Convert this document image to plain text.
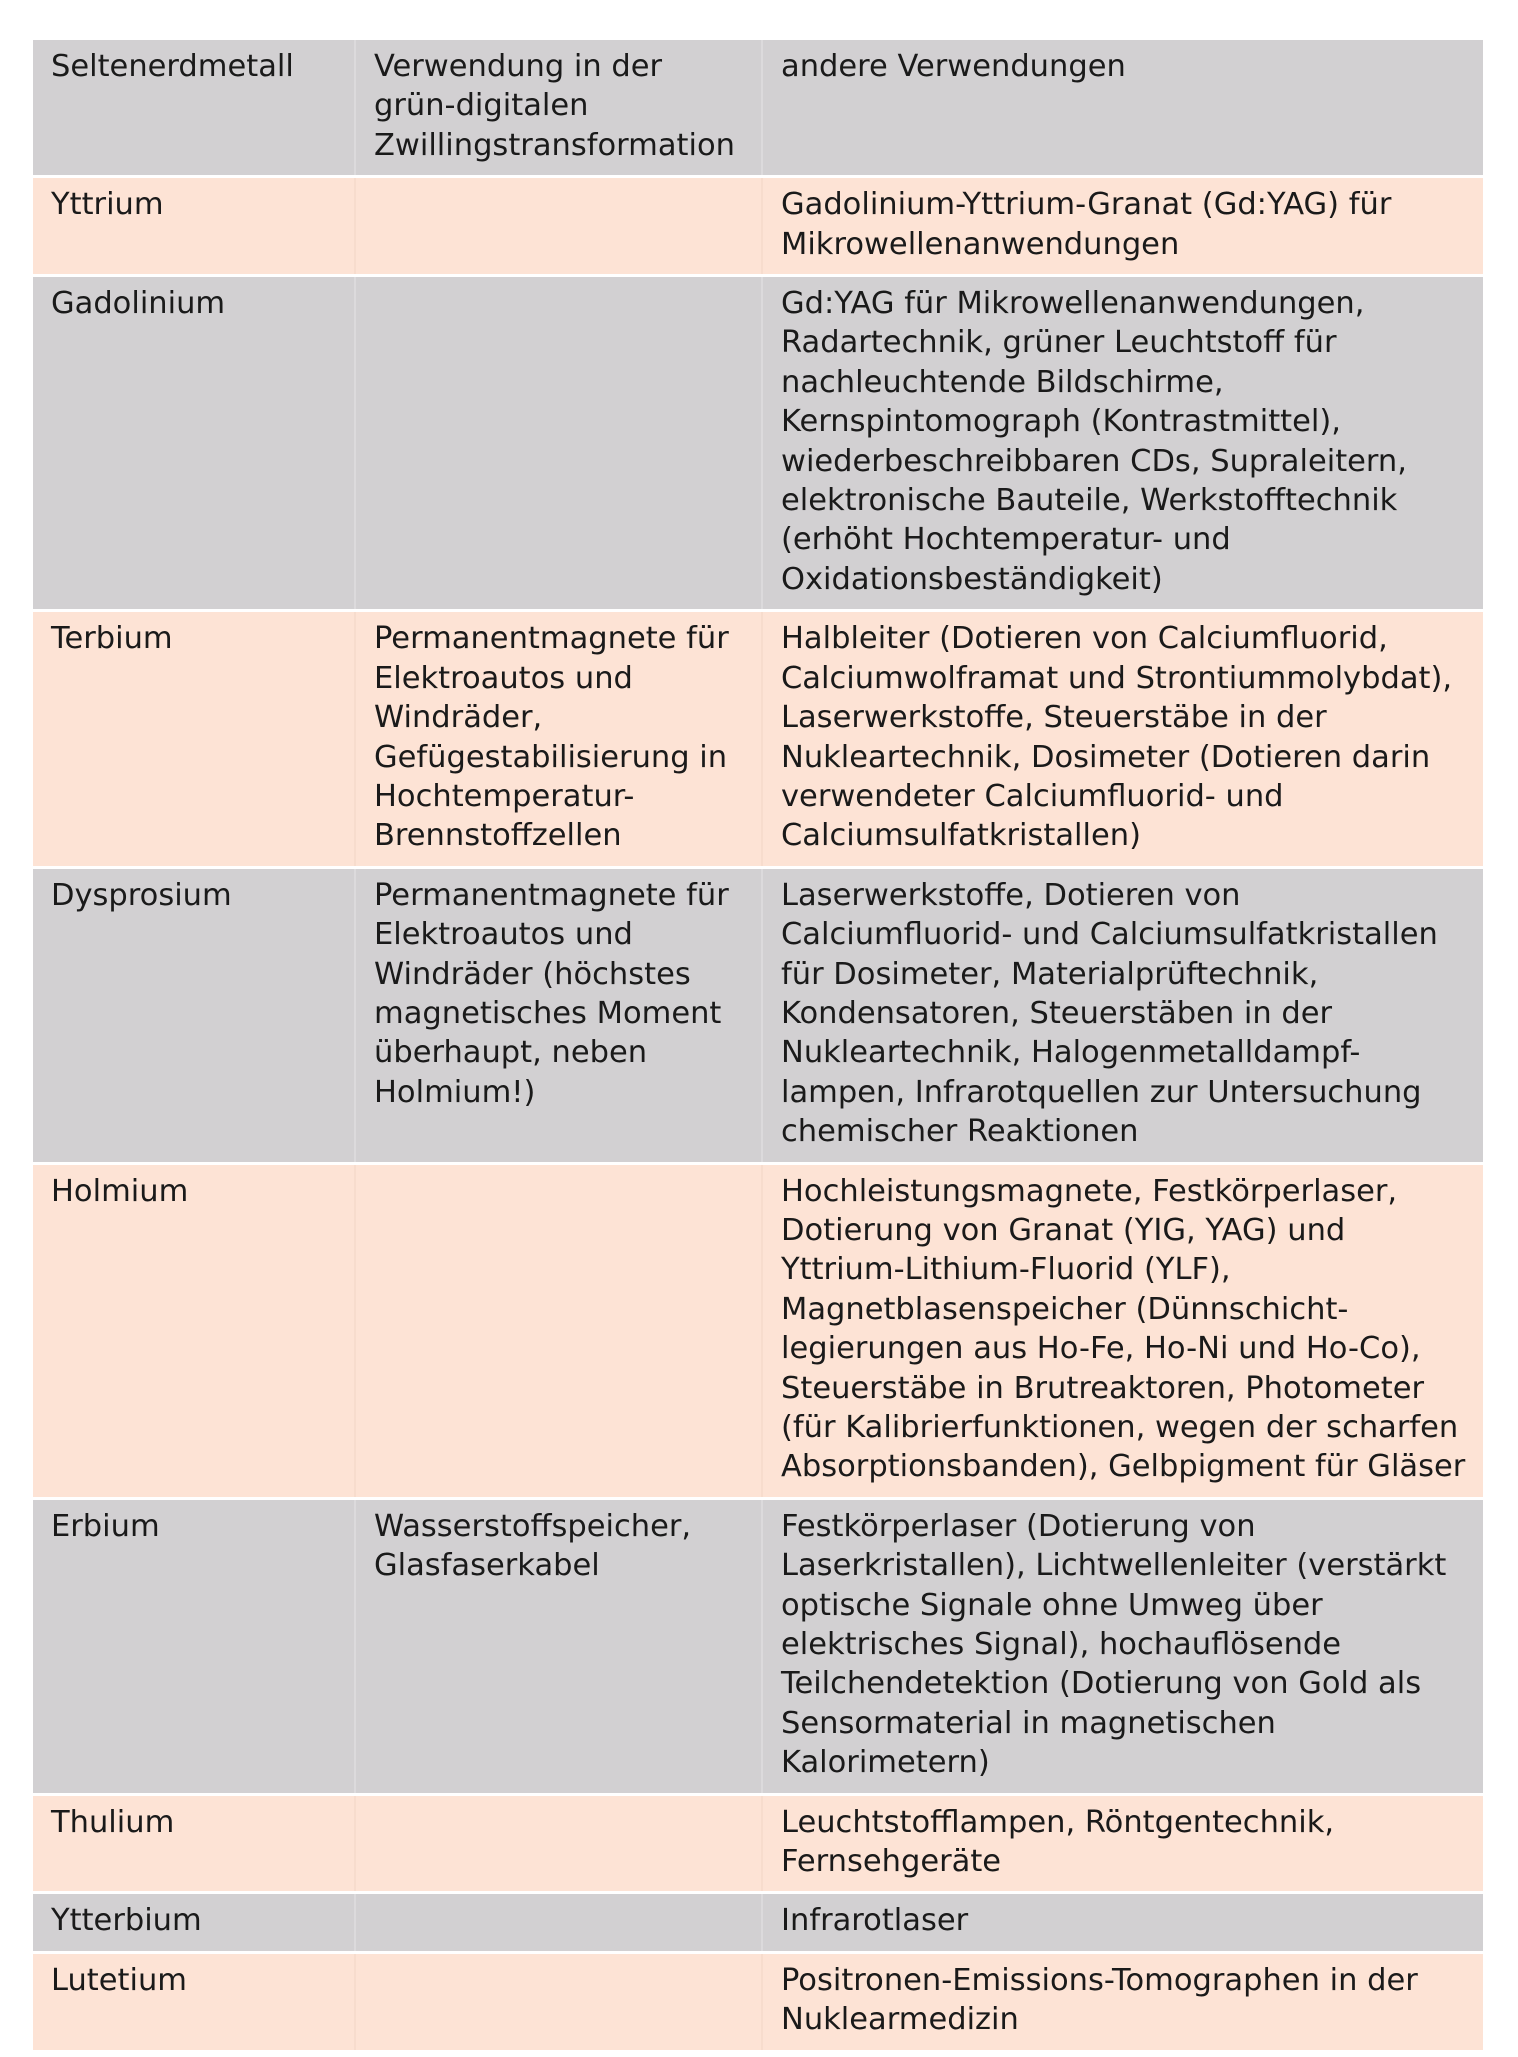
Seltenerdmetall	Verwendung in der grün-digitalen Zwillingstransformation	andere Verwendungen
Yttrium		Gadolinium-Yttrium-Granat (Gd:YAG) für Mikrowellenanwendungen
Gadolinium		Gd:YAG für Mikrowellenanwendungen, Radartechnik, grüner Leuchtstoff für nachleuchtende Bildschirme, Kernspintomograph (Kontrastmittel), wiederbeschreibbaren CDs, Supraleitern, elektronische Bauteile, Werkstofftechnik (erhöht Hochtemperatur- und Oxidationsbeständigkeit)
Terbium	Permanentmagnete für Elektroautos und Windräder, Gefügestabilisierung in Hochtemperatur-Brennstoffzellen	Halbleiter (Dotieren von Calciumfluorid, Calciumwolframat und Strontiummolybdat), Laserwerkstoffe, Steuerstäbe in der Nukleartechnik, Dosimeter (Dotieren darin verwendeter Calciumfluorid- und Calciumsulfatkristallen)
Dysprosium	Permanentmagnete für Elektroautos und Windräder (höchstes magnetisches Moment überhaupt, neben Holmium!)	Laserwerkstoffe, Dotieren von Calciumfluorid- und Calciumsulfatkristallen für Dosimeter, Materialprüftechnik, Kondensatoren, Steuerstäben in der Nukleartechnik, Halogenmetalldampf-lampen, Infrarotquellen zur Untersuchung chemischer Reaktionen
Holmium		Hochleistungsmagnete, Festkörperlaser, Dotierung von Granat (YIG, YAG) und Yttrium-Lithium-Fluorid (YLF), Magnetblasenspeicher (Dünnschicht-legierungen aus Ho-Fe, Ho-Ni und Ho-Co), Steuerstäbe in Brutreaktoren, Photometer (für Kalibrierfunktionen, wegen der scharfen Absorptionsbanden), Gelbpigment für Gläser
Erbium	Wasserstoffspeicher, Glasfaserkabel	Festkörperlaser (Dotierung von Laserkristallen), Lichtwellenleiter (verstärkt optische Signale ohne Umweg über elektrisches Signal), hochauflösende Teilchendetektion (Dotierung von Gold als Sensormaterial in magnetischen Kalorimetern)
Thulium		Leuchtstofflampen, Röntgentechnik, Fernsehgeräte
Ytterbium		Infrarotlaser
Lutetium		Positronen-Emissions-Tomographen in der Nuklearmedizin
